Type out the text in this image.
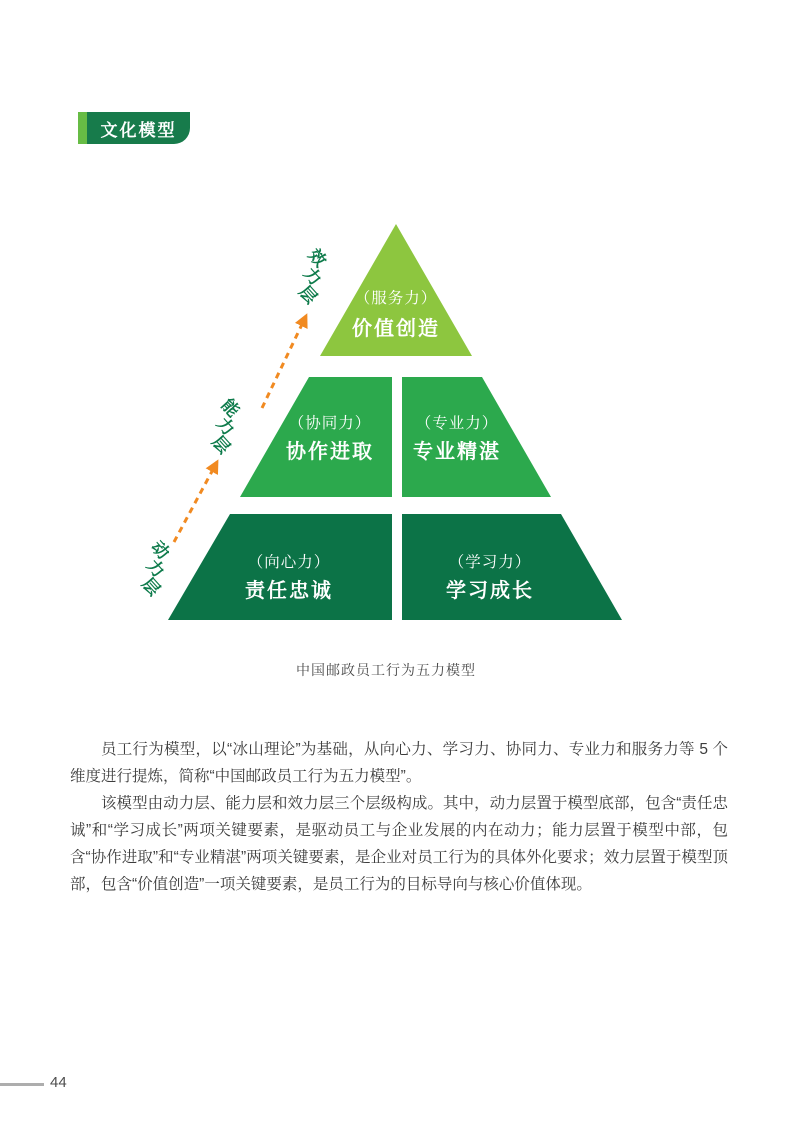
文化模型
（服务力）
价值创造
（协同力）
协作进取
（专业力）
专业精湛
（向心力）
责任忠诚
（学习力）
学习成长
效
力
层
能
力
层
动
力
层
中国邮政员工行为五力模型

员工行为模型，以“冰山理论”为基础，从向心力、学习力、协同力、专业力和服务力等 5 个维度进行提炼，简称“中国邮政员工行为五力模型”。

该模型由动力层、能力层和效力层三个层级构成。其中，动力层置于模型底部，包含“责任忠诚”和“学习成长”两项关键要素，是驱动员工与企业发展的内在动力；能力层置于模型中部，包含“协作进取”和“专业精湛”两项关键要素，是企业对员工行为的具体外化要求；效力层置于模型顶部，包含“价值创造”一项关键要素，是员工行为的目标导向与核心价值体现。

44
